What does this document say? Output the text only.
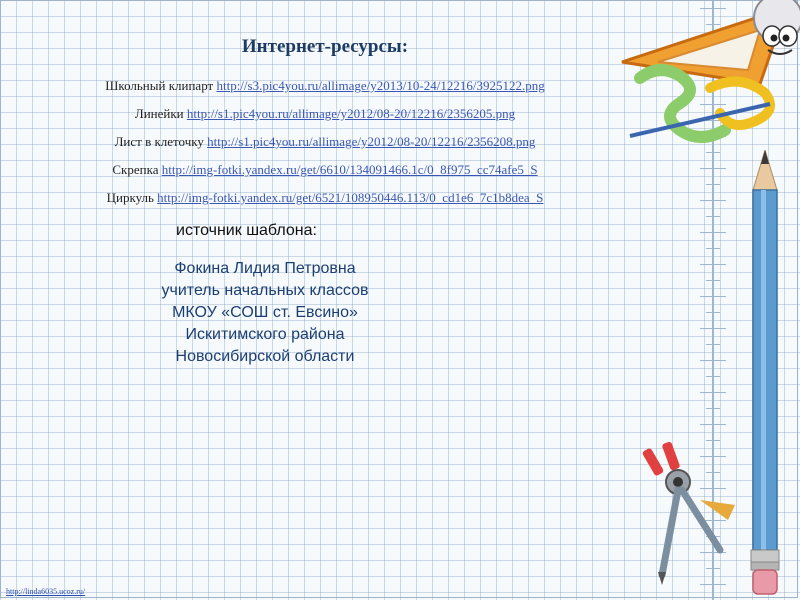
Интернет-ресурсы:
Школьный клипарт http://s3.pic4you.ru/allimage/y2013/10-24/12216/3925122.png
Линейки http://s1.pic4you.ru/allimage/y2012/08-20/12216/2356205.png
Лист в клеточку http://s1.pic4you.ru/allimage/y2012/08-20/12216/2356208.png
Скрепка http://img-fotki.yandex.ru/get/6610/134091466.1c/0_8f975_cc74afe5_S
Циркуль http://img-fotki.yandex.ru/get/6521/108950446.113/0_cd1e6_7c1b8dea_S
источник шаблона:
Фокина Лидия Петровна
учитель начальных классов
МКОУ «СОШ ст. Евсино»
Искитимского района
Новосибирской области
http://linda6035.ucoz.ru/
